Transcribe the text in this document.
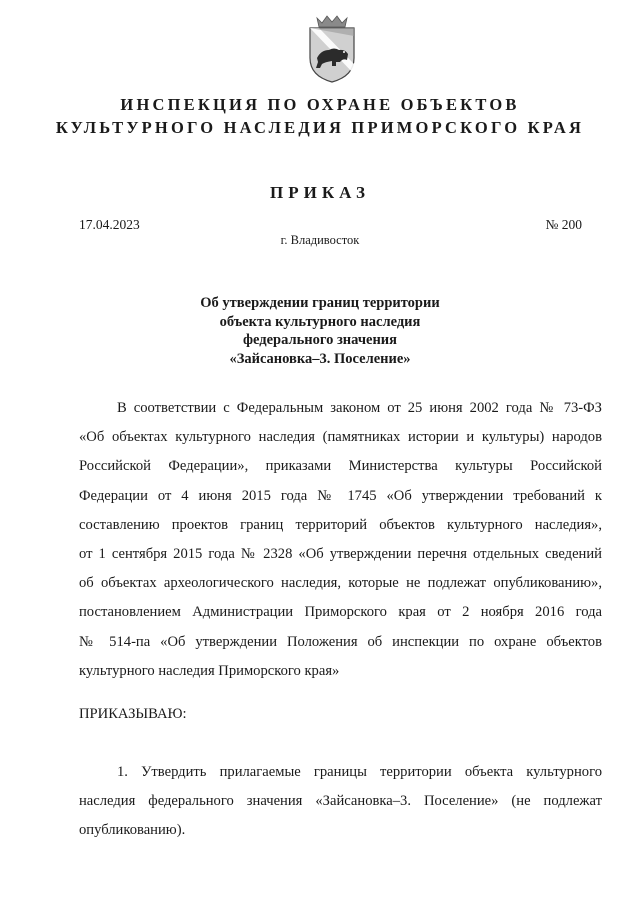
ИНСПЕКЦИЯ ПО ОХРАНЕ ОБЪЕКТОВ
КУЛЬТУРНОГО НАСЛЕДИЯ ПРИМОРСКОГО КРАЯ
ПРИКАЗ
17.04.2023	№ 200
г. Владивосток
Об утверждении границ территории
объекта культурного наследия
федерального значения
«Зайсановка–3. Поселение»
В соответствии с Федеральным законом от 25 июня 2002 года № 73-ФЗ
«Об объектах культурного наследия (памятниках истории и культуры) народов
Российской Федерации», приказами Министерства культуры Российской
Федерации от 4 июня 2015 года № 1745 «Об утверждении требований к
составлению проектов границ территорий объектов культурного наследия»,
от 1 сентября 2015 года № 2328 «Об утверждении перечня отдельных сведений
об объектах археологического наследия, которые не подлежат опубликованию»,
постановлением Администрации Приморского края от 2 ноября 2016 года
№ 514-па «Об утверждении Положения об инспекции по охране объектов
культурного наследия Приморского края»
ПРИКАЗЫВАЮ:
1. Утвердить прилагаемые границы территории объекта культурного
наследия федерального значения «Зайсановка–3. Поселение» (не подлежат
опубликованию).
